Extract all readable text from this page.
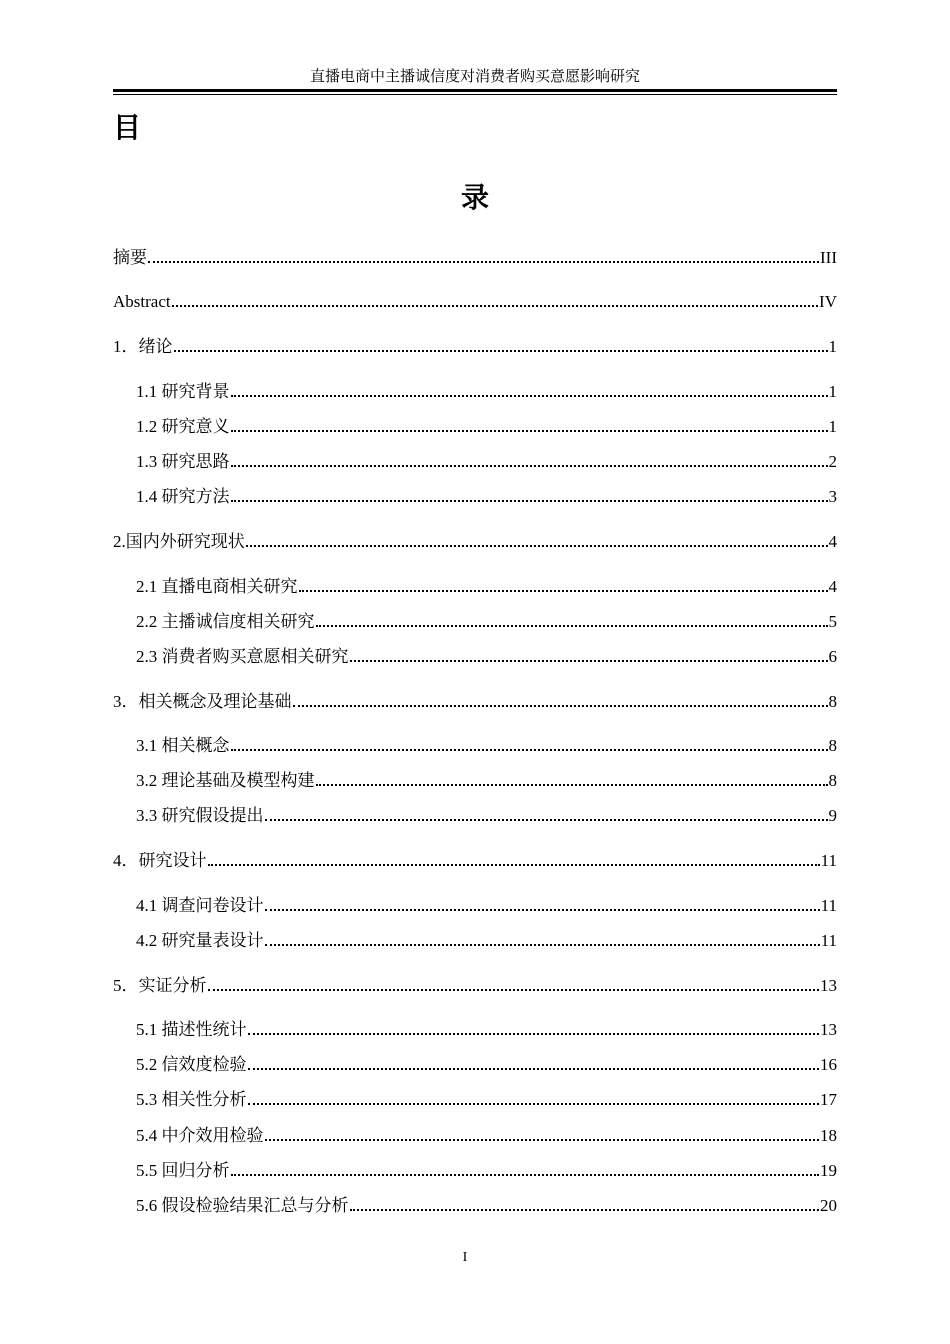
直播电商中主播诚信度对消费者购买意愿影响研究
目
录
摘要	III
Abstract	IV
1．绪论	1
1.1 研究背景	1
1.2 研究意义	1
1.3 研究思路	2
1.4 研究方法	3
2.国内外研究现状	4
2.1 直播电商相关研究	4
2.2 主播诚信度相关研究	5
2.3 消费者购买意愿相关研究	6
3．相关概念及理论基础	8
3.1 相关概念	8
3.2 理论基础及模型构建	8
3.3 研究假设提出	9
4．研究设计	11
4.1 调查问卷设计	11
4.2 研究量表设计	11
5．实证分析	13
5.1 描述性统计	13
5.2 信效度检验	16
5.3 相关性分析	17
5.4 中介效用检验	18
5.5 回归分析	19
5.6 假设检验结果汇总与分析	20
I
